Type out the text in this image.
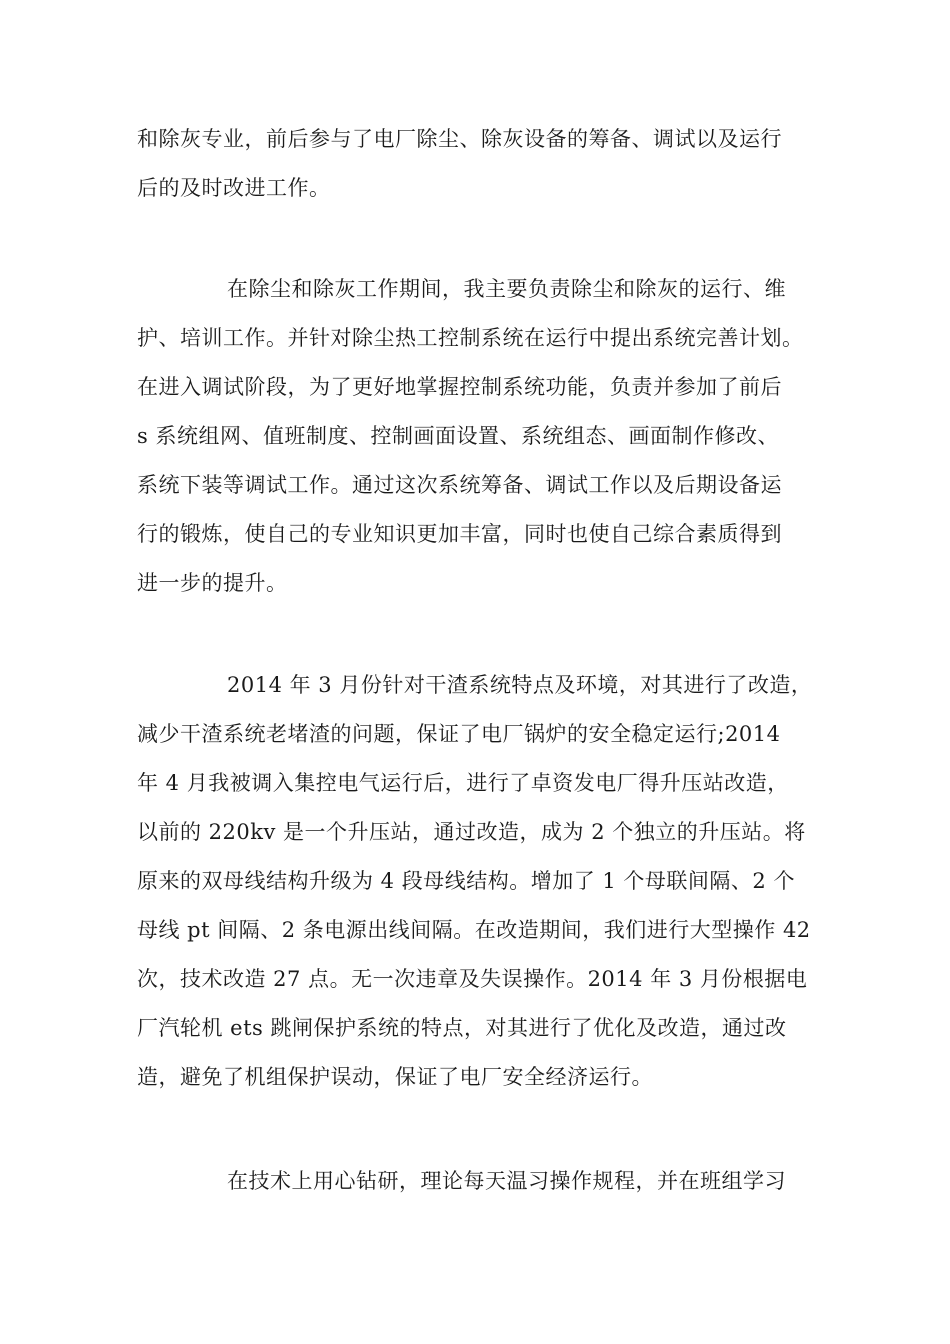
和除灰专业，前后参与了电厂除尘、除灰设备的筹备、调试以及运行
后的及时改进工作。
在除尘和除灰工作期间，我主要负责除尘和除灰的运行、维
护、培训工作。并针对除尘热工控制系统在运行中提出系统完善计划。
在进入调试阶段，为了更好地掌握控制系统功能，负责并参加了前后
s 系统组网、值班制度、控制画面设置、系统组态、画面制作修改、
系统下装等调试工作。通过这次系统筹备、调试工作以及后期设备运
行的锻炼，使自己的专业知识更加丰富，同时也使自己综合素质得到
进一步的提升。
2014 年 3 月份针对干渣系统特点及环境，对其进行了改造，
减少干渣系统老堵渣的问题，保证了电厂锅炉的安全稳定运行;2014
年 4 月我被调入集控电气运行后，进行了卓资发电厂得升压站改造，
以前的 220kv 是一个升压站，通过改造，成为 2 个独立的升压站。将
原来的双母线结构升级为 4 段母线结构。增加了 1 个母联间隔、2 个
母线 pt 间隔、2 条电源出线间隔。在改造期间，我们进行大型操作 42
次，技术改造 27 点。无一次违章及失误操作。2014 年 3 月份根据电
厂汽轮机 ets 跳闸保护系统的特点，对其进行了优化及改造，通过改
造，避免了机组保护误动，保证了电厂安全经济运行。
在技术上用心钻研，理论每天温习操作规程，并在班组学习
